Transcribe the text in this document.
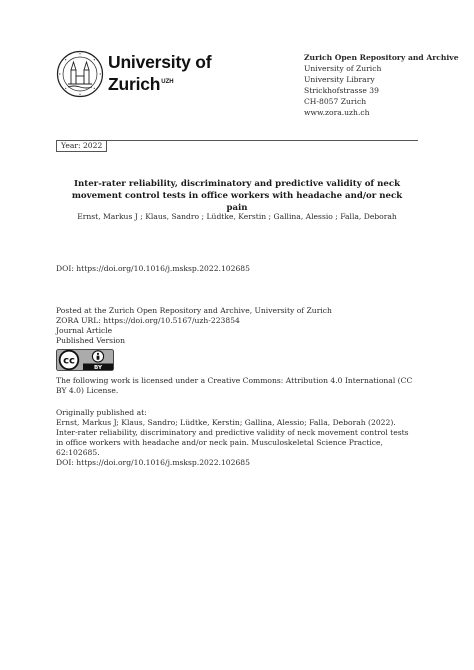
University of
Zurich$^{UZH}$
Zurich Open Repository and Archive
University of Zurich
University Library
Strickhofstrasse 39
CH-8057 Zurich
www.zora.uzh.ch
Year: 2022
Inter-rater reliability, discriminatory and predictive validity of neck movement control tests in office workers with headache and/or neck pain
Ernst, Markus J ; Klaus, Sandro ; Lüdtke, Kerstin ; Gallina, Alessio ; Falla, Deborah
DOI: https://doi.org/10.1016/j.msksp.2022.102685
Posted at the Zurich Open Repository and Archive, University of Zurich
ZORA URL: https://doi.org/10.5167/uzh-223854
Journal Article
Published Version
cc
BY
The following work is licensed under a Creative Commons: Attribution 4.0 International (CC BY 4.0) License.
Originally published at:
Ernst, Markus J; Klaus, Sandro; Lüdtke, Kerstin; Gallina, Alessio; Falla, Deborah (2022). Inter-rater reliability, discriminatory and predictive validity of neck movement control tests in office workers with headache and/or neck pain. Musculoskeletal Science Practice, 62:102685.
DOI: https://doi.org/10.1016/j.msksp.2022.102685
